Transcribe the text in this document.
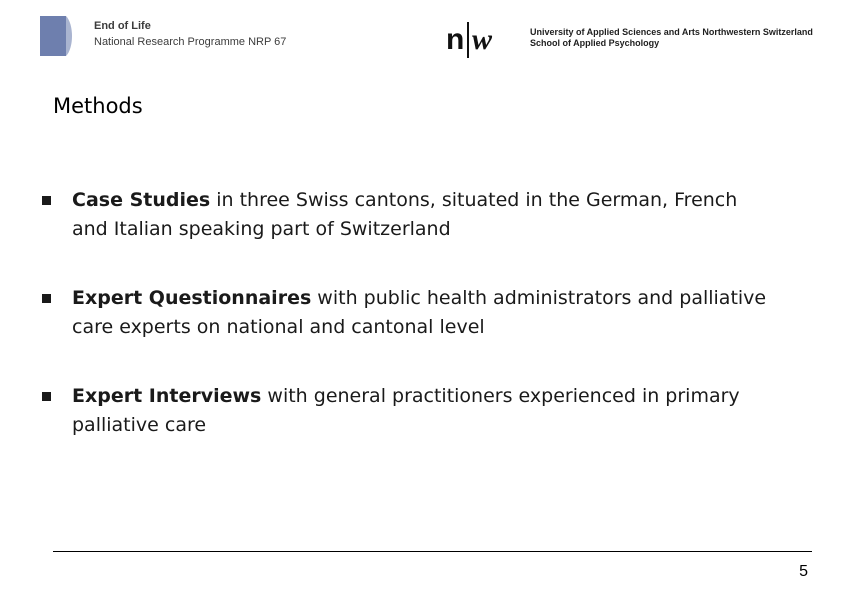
End of Life
National Research Programme NRP 67	n w	University of Applied Sciences and Arts Northwestern Switzerland
School of Applied Psychology
Methods
Case Studies in three Swiss cantons, situated in the German, French and Italian speaking part of Switzerland
Expert Questionnaires with public health administrators and palliative care experts on national and cantonal level
Expert Interviews with general practitioners experienced in primary palliative care
5
